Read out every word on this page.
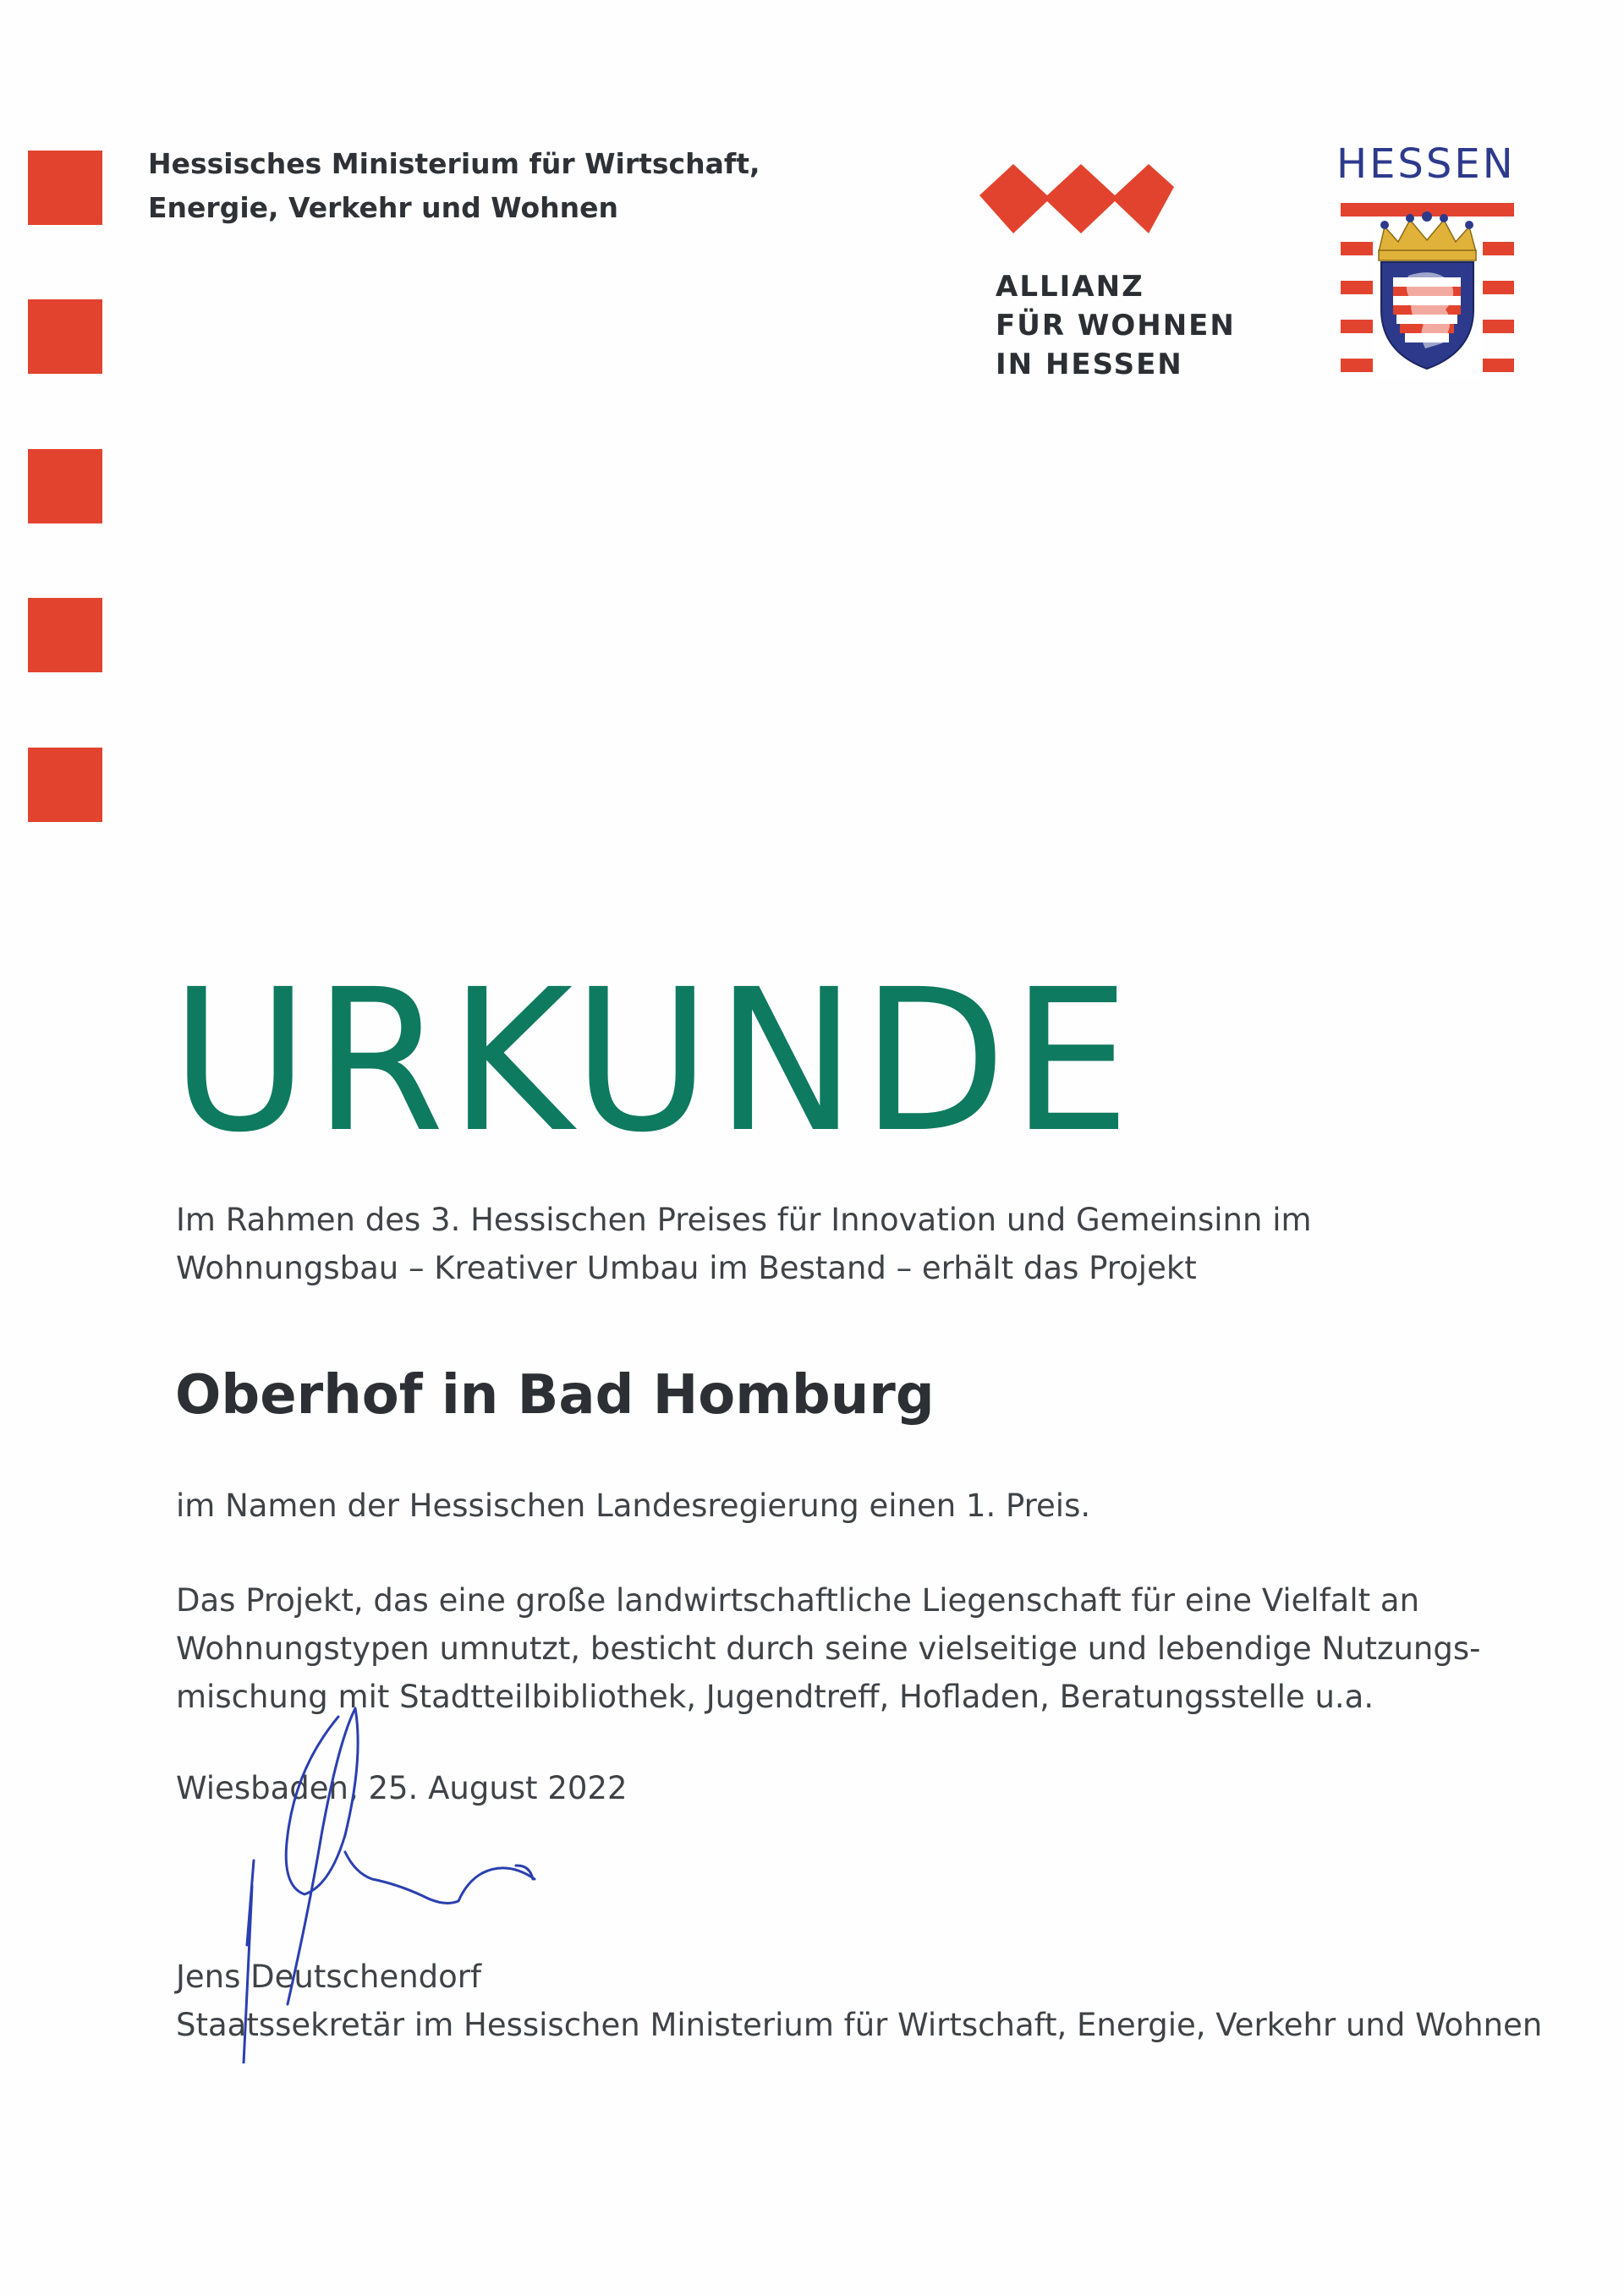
Hessisches Ministerium für Wirtschaft,
Energie, Verkehr und Wohnen
ALLIANZ
FÜR WOHNEN
IN HESSEN
HESSEN
URKUNDE
Im Rahmen des 3. Hessischen Preises für Innovation und Gemeinsinn im
Wohnungsbau – Kreativer Umbau im Bestand – erhält das Projekt
Oberhof in Bad Homburg
im Namen der Hessischen Landesregierung einen 1. Preis.
Das Projekt, das eine große landwirtschaftliche Liegenschaft für eine Vielfalt an
Wohnungstypen umnutzt, besticht durch seine vielseitige und lebendige Nutzungs-
mischung mit Stadtteilbibliothek, Jugendtreff, Hofladen, Beratungsstelle u.a.
Wiesbaden, 25. August 2022
Jens Deutschendorf
Staatssekretär im Hessischen Ministerium für Wirtschaft, Energie, Verkehr und Wohnen
